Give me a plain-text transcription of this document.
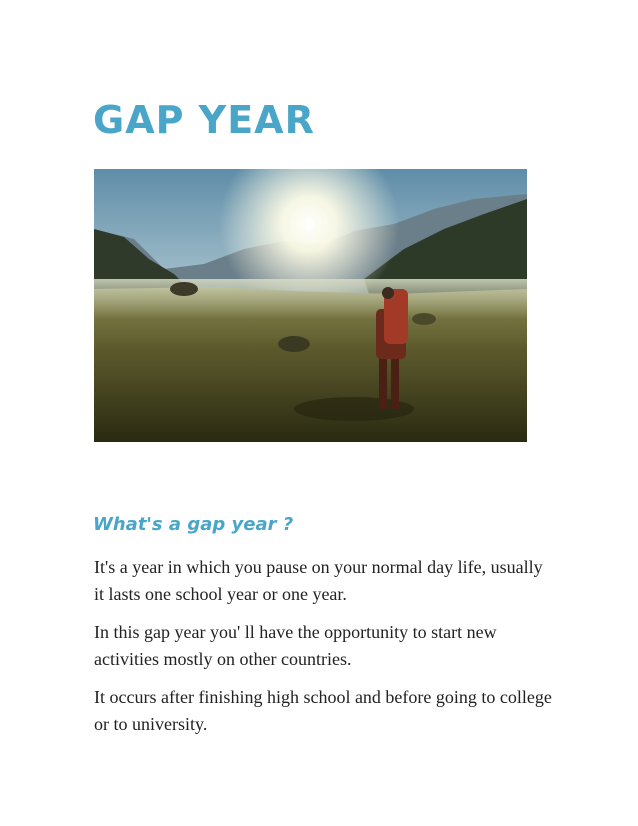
GAP YEAR
What's a gap year ?

It's a year in which you pause on your normal day life, usually it lasts one school year or one year.

In this gap year you' ll have the opportunity to start new activities mostly on other countries.

It occurs after finishing high school and before going to college or to university.
